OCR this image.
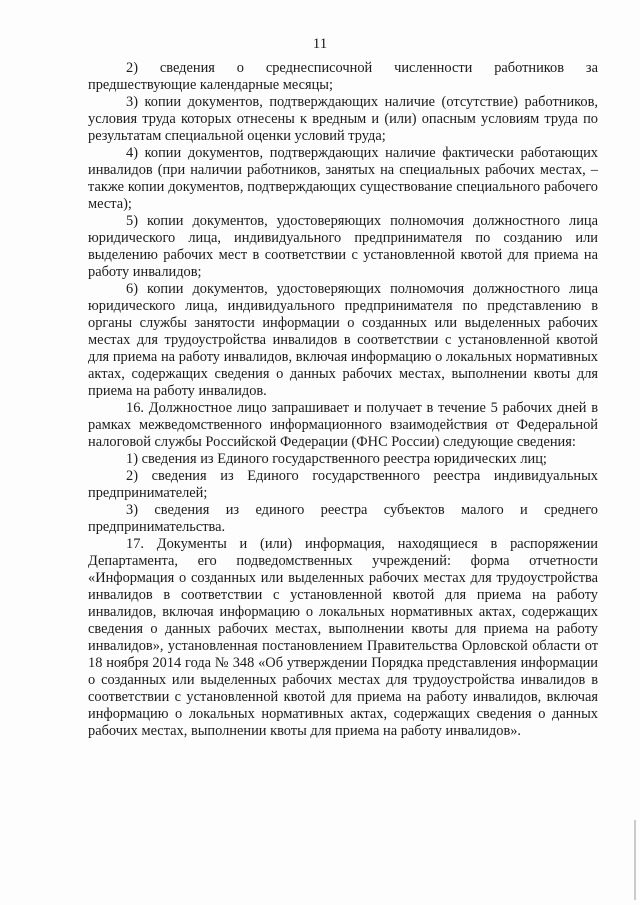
11

2) сведения о среднесписочной численности работников за предшествующие календарные месяцы;

3) копии документов, подтверждающих наличие (отсутствие) работников, условия труда которых отнесены к вредным и (или) опасным условиям труда по результатам специальной оценки условий труда;

4) копии документов, подтверждающих наличие фактически работающих инвалидов (при наличии работников, занятых на специальных рабочих местах, – также копии документов, подтверждающих существование специального рабочего места);

5) копии документов, удостоверяющих полномочия должностного лица юридического лица, индивидуального предпринимателя по созданию или выделению рабочих мест в соответствии с установленной квотой для приема на работу инвалидов;

6) копии документов, удостоверяющих полномочия должностного лица юридического лица, индивидуального предпринимателя по представлению в органы службы занятости информации о созданных или выделенных рабочих местах для трудоустройства инвалидов в соответствии с установленной квотой для приема на работу инвалидов, включая информацию о локальных нормативных актах, содержащих сведения о данных рабочих местах, выполнении квоты для приема на работу инвалидов.

16. Должностное лицо запрашивает и получает в течение 5 рабочих дней в рамках межведомственного информационного взаимодействия от Федеральной налоговой службы Российской Федерации (ФНС России) следующие сведения:

1) сведения из Единого государственного реестра юридических лиц;

2) сведения из Единого государственного реестра индивидуальных предпринимателей;

3) сведения из единого реестра субъектов малого и среднего предпринимательства.

17. Документы и (или) информация, находящиеся в распоряжении Департамента, его подведомственных учреждений: форма отчетности «Информация о созданных или выделенных рабочих местах для трудоустройства инвалидов в соответствии с установленной квотой для приема на работу инвалидов, включая информацию о локальных нормативных актах, содержащих сведения о данных рабочих местах, выполнении квоты для приема на работу инвалидов», установленная постановлением Правительства Орловской области от 18 ноября 2014 года № 348 «Об утверждении Порядка представления информации о созданных или выделенных рабочих местах для трудоустройства инвалидов в соответствии с установленной квотой для приема на работу инвалидов, включая информацию о локальных нормативных актах, содержащих сведения о данных рабочих местах, выполнении квоты для приема на работу инвалидов».
